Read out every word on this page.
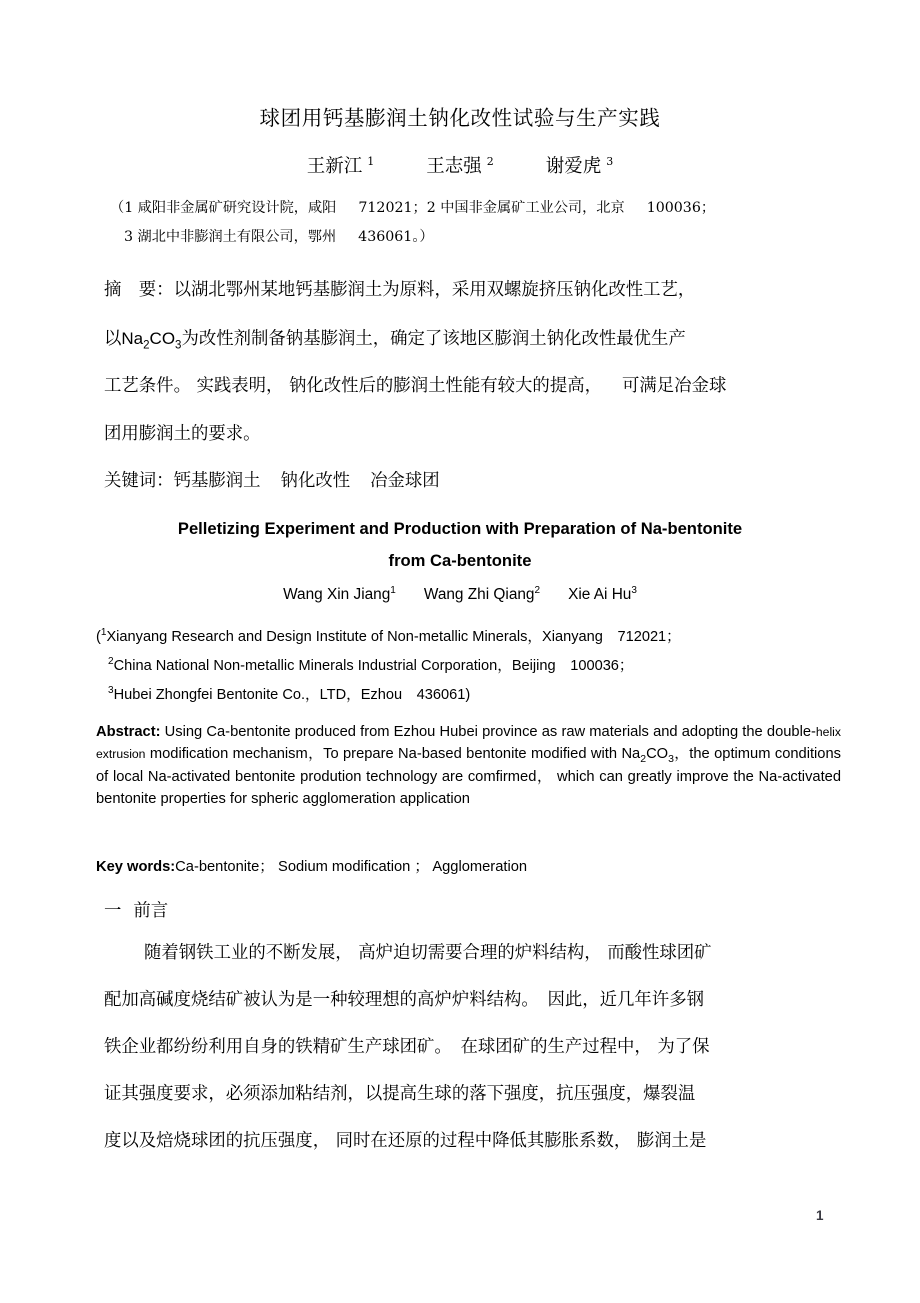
球团用钙基膨润土钠化改性试验与生产实践
王新江 $^1$	王志强 $^2$	谢爱虎 $^3$
（1 咸阳非金属矿研究设计院，咸阳 712021；2 中国非金属矿工业公司，北京 100036；
3 湖北中非膨润土有限公司，鄂州 436061。）
摘　要：以湖北鄂州某地钙基膨润土为原料，采用双螺旋挤压钠化改性工艺，
以$Na_2CO_3$为改性剂制备钠基膨润土，确定了该地区膨润土钠化改性最优生产
工艺条件。 实践表明， 钠化改性后的膨润土性能有较大的提高， 可满足冶金球
团用膨润土的要求。
关键词：钙基膨润土 钠化改性 冶金球团
Pelletizing Experiment and Production with Preparation of Na-bentonite
from Ca-bentonite
Wang Xin Jiang$^1$ Wang Zhi Qiang$^2$ Xie Ai Hu$^3$
($^1$Xianyang Research and Design Institute of Non-metallic Minerals，Xianyang　712021；
$^2$China National Non-metallic Minerals Industrial Corporation，Beijing　100036；
$^3$Hubei Zhongfei Bentonite Co.，LTD，Ezhou　436061)
Abstract: Using Ca-bentonite produced from Ezhou Hubei province as raw materials and adopting the double-helix extrusion modification mechanism，To prepare Na-based bentonite modified with $Na_2CO_3$，the optimum conditions of local Na-activated bentonite prodution technology are comfirmed， which can greatly improve the Na-activated bentonite properties for spheric agglomeration application
Key words:Ca-bentonite； Sodium modification ； Agglomeration
一 前言
随着钢铁工业的不断发展， 高炉迫切需要合理的炉料结构， 而酸性球团矿
配加高碱度烧结矿被认为是一种较理想的高炉炉料结构。　因此，近几年许多钢
铁企业都纷纷利用自身的铁精矿生产球团矿。　在球团矿的生产过程中， 为了保
证其强度要求，必须添加粘结剂，以提高生球的落下强度，抗压强度，爆裂温
度以及焙烧球团的抗压强度， 同时在还原的过程中降低其膨胀系数， 膨润土是
1
